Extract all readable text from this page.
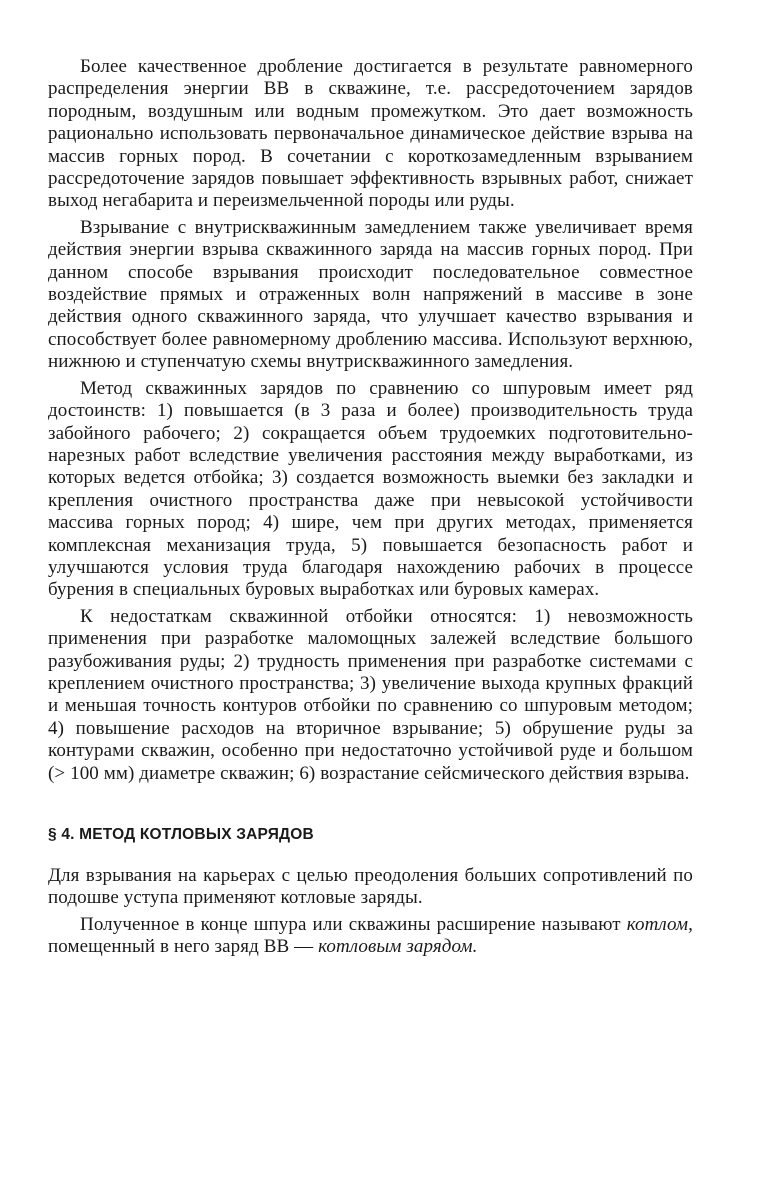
Более качественное дробление достигается в результате равномерного распределения энергии ВВ в скважине, т.е. рассредоточением зарядов породным, воздушным или водным промежутком. Это дает возможность рационально использовать первоначальное динамическое действие взрыва на массив горных пород. В сочетании с короткозамедленным взрыванием рассредоточение зарядов повышает эффективность взрывных работ, снижает выход негабарита и переизмельченной породы или руды.

Взрывание с внутрискважинным замедлением также увеличивает время действия энергии взрыва скважинного заряда на массив горных пород. При данном способе взрывания происходит последовательное совместное воздействие прямых и отраженных волн напряжений в массиве в зоне действия одного скважинного заряда, что улучшает качество взрывания и способствует более равномерному дроблению массива. Используют верхнюю, нижнюю и ступенчатую схемы внутрискважинного замедления.

Метод скважинных зарядов по сравнению со шпуровым имеет ряд достоинств: 1) повышается (в 3 раза и более) производительность труда забойного рабочего; 2) сокращается объем трудоемких подготовительно-нарезных работ вследствие увеличения расстояния между выработками, из которых ведется отбойка; 3) создается возможность выемки без закладки и крепления очистного пространства даже при невысокой устойчивости массива горных пород; 4) шире, чем при других методах, применяется комплексная механизация труда, 5) повышается безопасность работ и улучшаются условия труда благодаря нахождению рабочих в процессе бурения в специальных буровых выработках или буровых камерах.

К недостаткам скважинной отбойки относятся: 1) невозможность применения при разработке маломощных залежей вследствие большого разубоживания руды; 2) трудность применения при разработке системами с креплением очистного пространства; 3) увеличение выхода крупных фракций и меньшая точность контуров отбойки по сравнению со шпуровым методом; 4) повышение расходов на вторичное взрывание; 5) обрушение руды за контурами скважин, особенно при недостаточно устойчивой руде и большом (> 100 мм) диаметре скважин; 6) возрастание сейсмического действия взрыва.

§ 4. МЕТОД КОТЛОВЫХ ЗАРЯДОВ

Для взрывания на карьерах с целью преодоления больших сопротивлений по подошве уступа применяют котловые заряды.

Полученное в конце шпура или скважины расширение называют котлом, помещенный в него заряд ВВ — котловым зарядом.
